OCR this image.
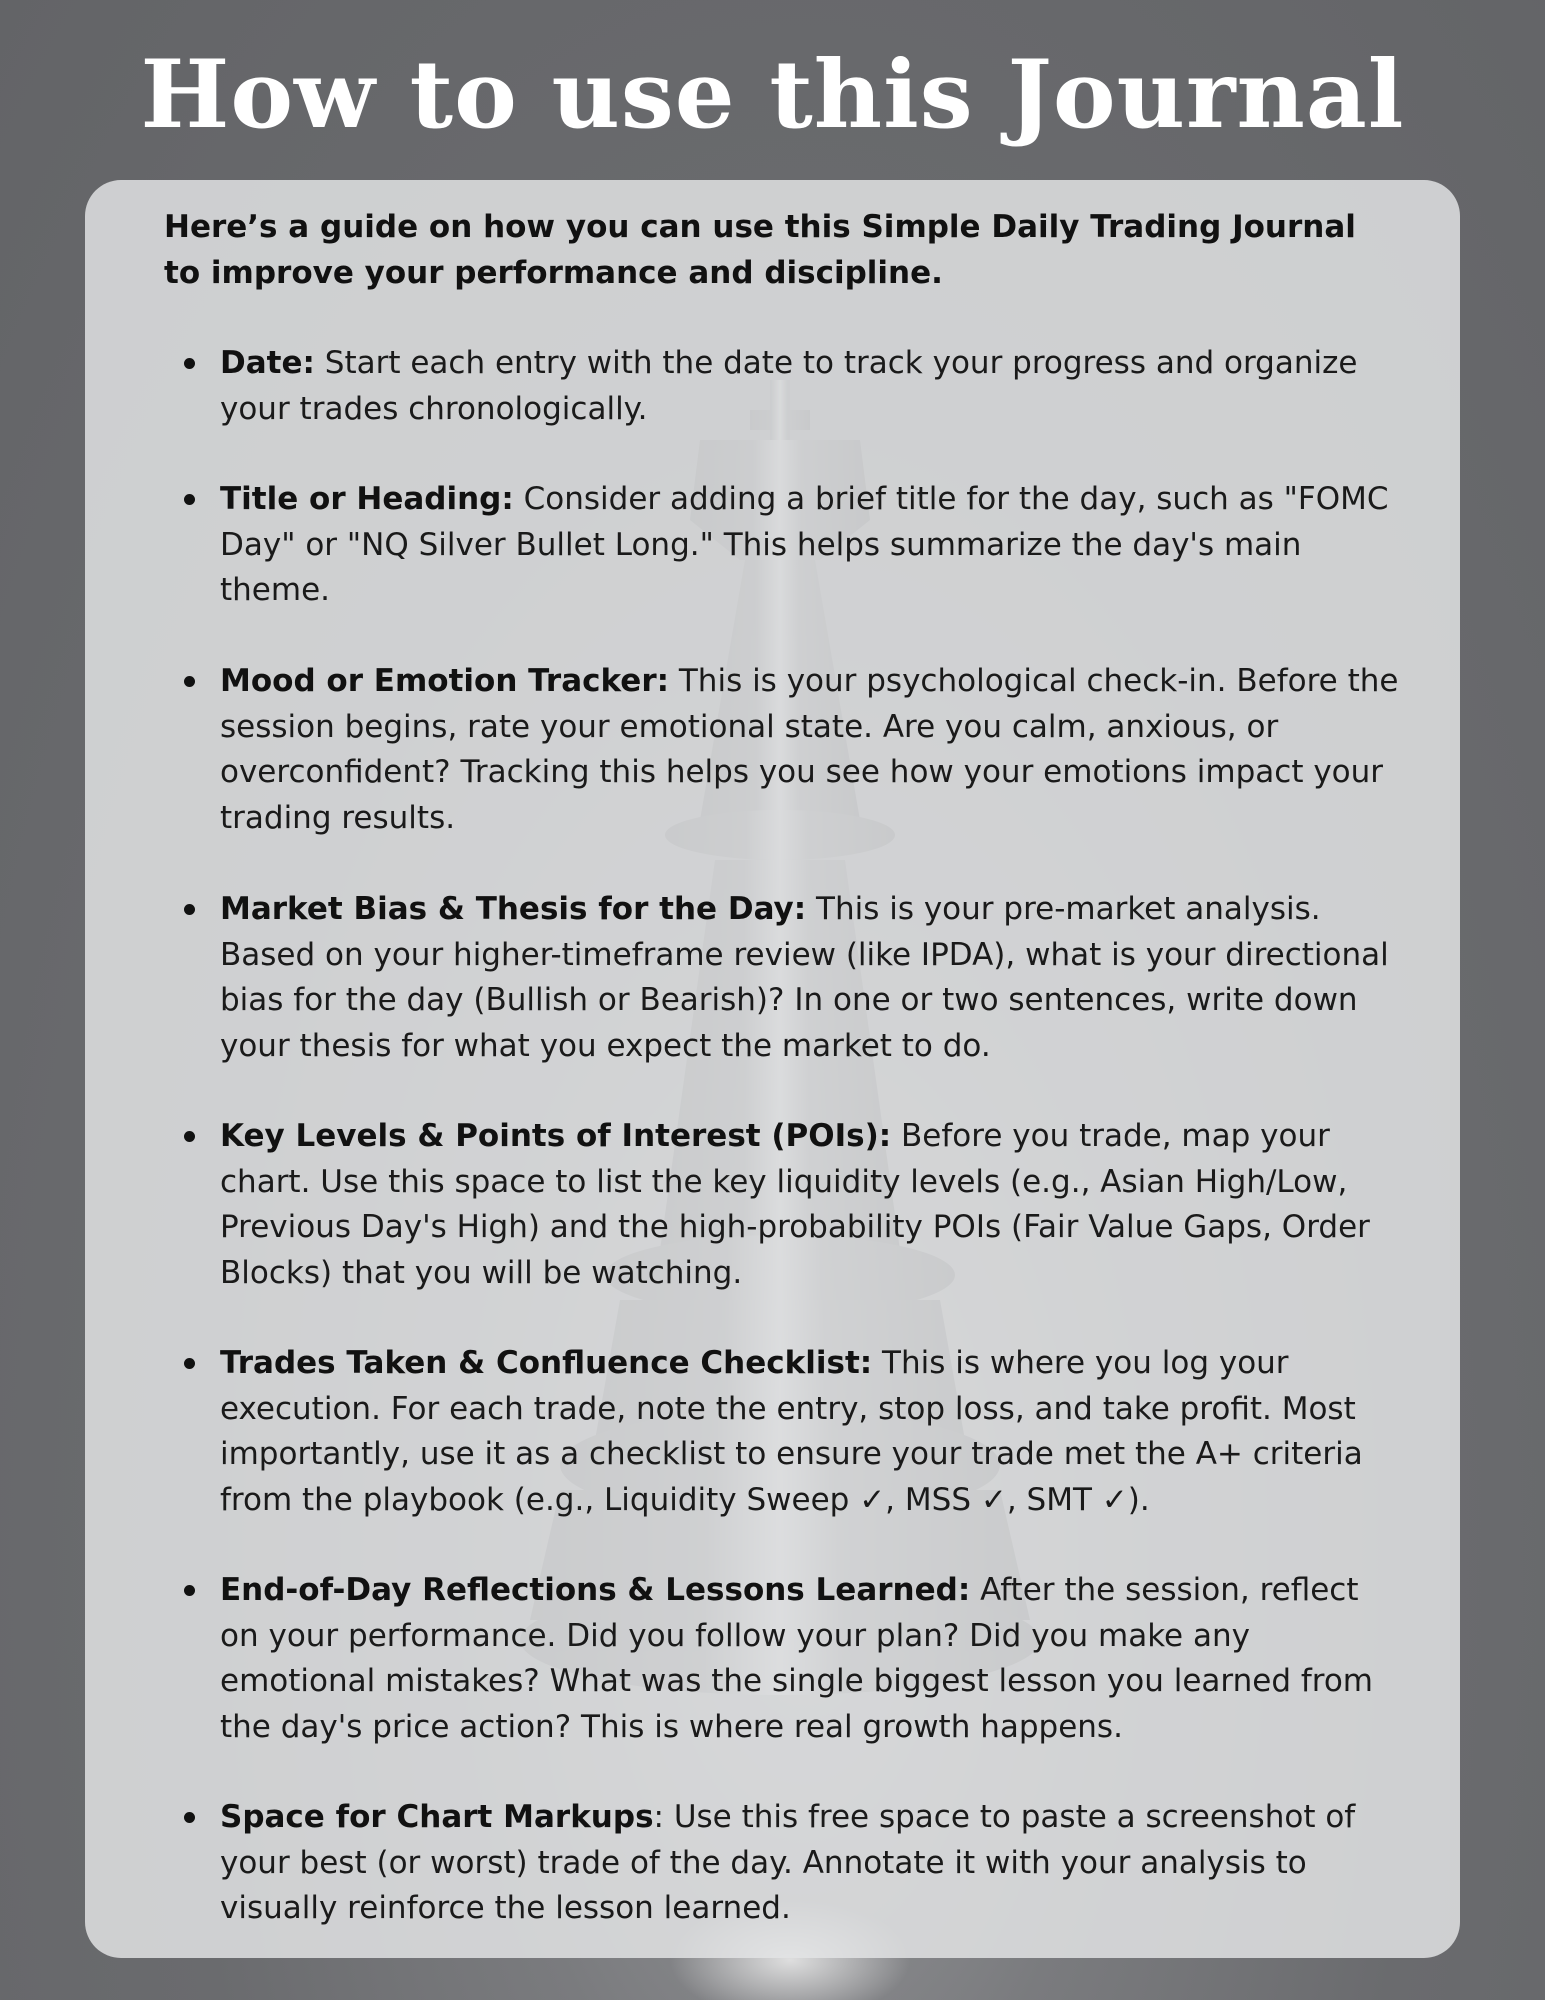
How to use this Journal

Here’s a guide on how you can use this Simple Daily Trading Journal to improve your performance and discipline.

Date: Start each entry with the date to track your progress and organize your trades chronologically.
Title or Heading: Consider adding a brief title for the day, such as "FOMC Day" or "NQ Silver Bullet Long." This helps summarize the day's main theme.
Mood or Emotion Tracker: This is your psychological check-in. Before the session begins, rate your emotional state. Are you calm, anxious, or overconfident? Tracking this helps you see how your emotions impact your trading results.
Market Bias & Thesis for the Day: This is your pre-market analysis. Based on your higher-timeframe review (like IPDA), what is your directional bias for the day (Bullish or Bearish)? In one or two sentences, write down your thesis for what you expect the market to do.
Key Levels & Points of Interest (POIs): Before you trade, map your chart. Use this space to list the key liquidity levels (e.g., Asian High/Low, Previous Day's High) and the high-probability POIs (Fair Value Gaps, Order Blocks) that you will be watching.
Trades Taken & Confluence Checklist: This is where you log your execution. For each trade, note the entry, stop loss, and take profit. Most importantly, use it as a checklist to ensure your trade met the A+ criteria from the playbook (e.g., Liquidity Sweep ✓, MSS ✓, SMT ✓).
End-of-Day Reflections & Lessons Learned: After the session, reflect on your performance. Did you follow your plan? Did you make any emotional mistakes? What was the single biggest lesson you learned from the day's price action? This is where real growth happens.
Space for Chart Markups: Use this free space to paste a screenshot of your best (or worst) trade of the day. Annotate it with your analysis to visually reinforce the lesson learned.
